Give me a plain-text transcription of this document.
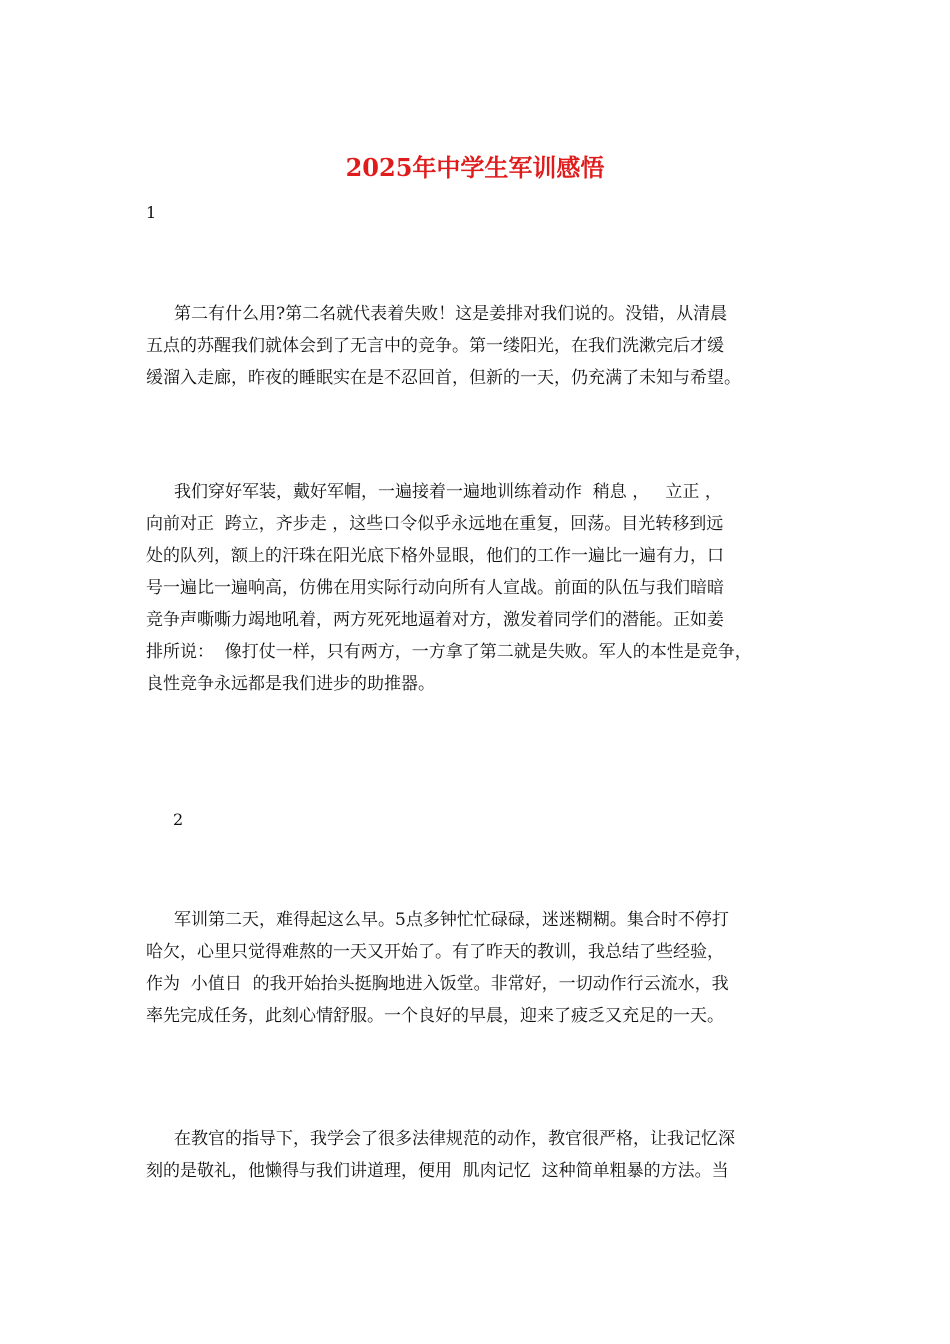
2025年中学生军训感悟
1
第二有什么用?第二名就代表着失败！这是姜排对我们说的。没错，从清晨
五点的苏醒我们就体会到了无言中的竞争。第一缕阳光，在我们洗漱完后才缓
缓溜入走廊，昨夜的睡眠实在是不忍回首，但新的一天，仍充满了未知与希望。
我们穿好军装，戴好军帽，一遍接着一遍地训练着动作  稍息 ，   立正 ，
向前对正  跨立，齐步走 ，这些口令似乎永远地在重复，回荡。目光转移到远
处的队列，额上的汗珠在阳光底下格外显眼，他们的工作一遍比一遍有力，口
号一遍比一遍响高，仿佛在用实际行动向所有人宣战。前面的队伍与我们暗暗
竞争声嘶嘶力竭地吼着，两方死死地逼着对方，激发着同学们的潜能。正如姜
排所说：  像打仗一样，只有两方，一方拿了第二就是失败。军人的本性是竞争，
良性竞争永远都是我们进步的助推器。
2
军训第二天，难得起这么早。5点多钟忙忙碌碌，迷迷糊糊。集合时不停打
哈欠，心里只觉得难熬的一天又开始了。有了昨天的教训，我总结了些经验，
作为  小值日  的我开始抬头挺胸地进入饭堂。非常好，一切动作行云流水，我
率先完成任务，此刻心情舒服。一个良好的早晨，迎来了疲乏又充足的一天。
在教官的指导下，我学会了很多法律规范的动作，教官很严格，让我记忆深
刻的是敬礼，他懒得与我们讲道理，便用  肌肉记忆  这种简单粗暴的方法。当
